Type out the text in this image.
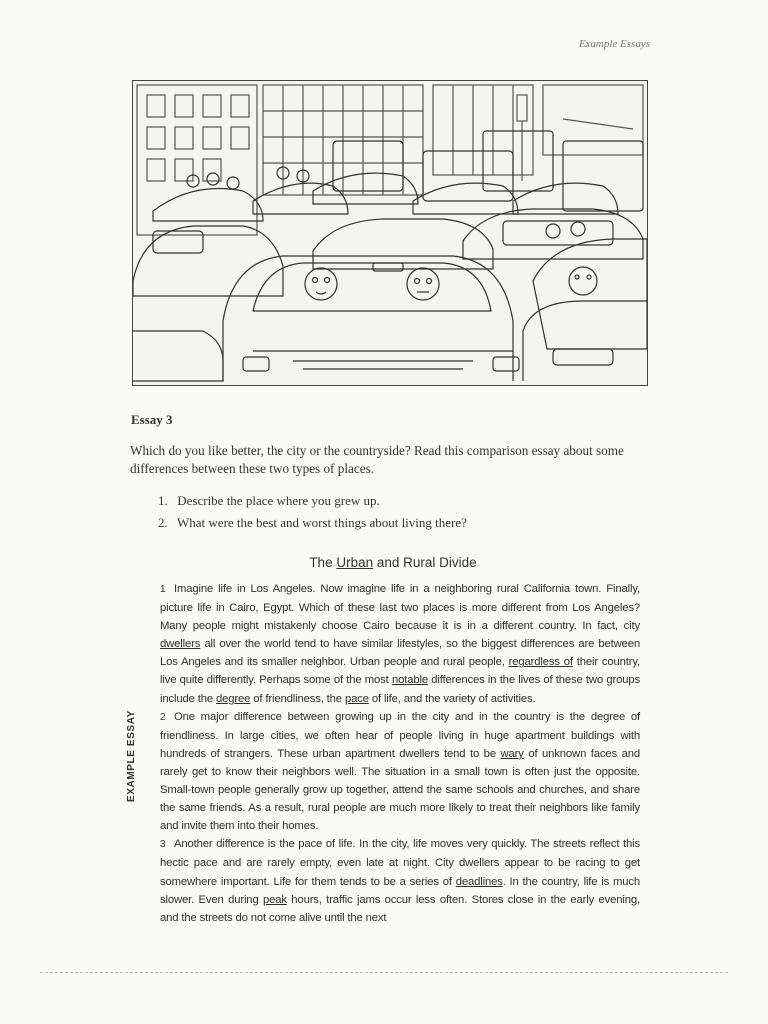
Example Essays
Essay 3
Which do you like better, the city or the countryside? Read this comparison essay about some differences between these two types of places.
1. Describe the place where you grew up.
2. What were the best and worst things about living there?
The Urban and Rural Divide
EXAMPLE ESSAY

1 Imagine life in Los Angeles. Now imagine life in a neighboring rural California town. Finally, picture life in Cairo, Egypt. Which of these last two places is more different from Los Angeles? Many people might mistakenly choose Cairo because it is in a different country. In fact, city dwellers all over the world tend to have similar lifestyles, so the biggest differences are between Los Angeles and its smaller neighbor. Urban people and rural people, regardless of their country, live quite differently. Perhaps some of the most notable differences in the lives of these two groups include the degree of friendliness, the pace of life, and the variety of activities.

2 One major difference between growing up in the city and in the country is the degree of friendliness. In large cities, we often hear of people living in huge apartment buildings with hundreds of strangers. These urban apartment dwellers tend to be wary of unknown faces and rarely get to know their neighbors well. The situation in a small town is often just the opposite. Small-town people generally grow up together, attend the same schools and churches, and share the same friends. As a result, rural people are much more likely to treat their neighbors like family and invite them into their homes.

3 Another difference is the pace of life. In the city, life moves very quickly. The streets reflect this hectic pace and are rarely empty, even late at night. City dwellers appear to be racing to get somewhere important. Life for them tends to be a series of deadlines. In the country, life is much slower. Even during peak hours, traffic jams occur less often. Stores close in the early evening, and the streets do not come alive until the next
